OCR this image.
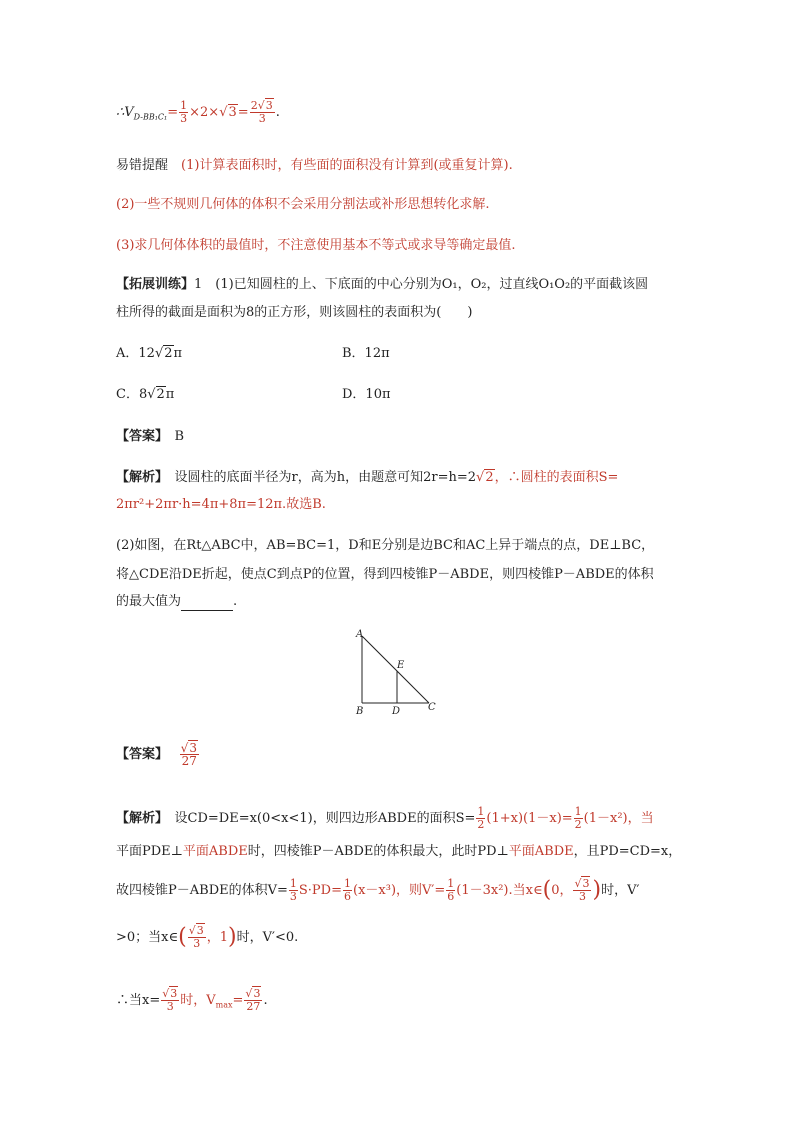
$\therefore V_{D-BB_1C_1}= \frac{1}{3} \times 2\times√3= \frac{2√3}{3}$ .
易错提醒　 (1)计算表面积时，有些面的面积没有计算到(或重复计算).
(2)一些不规则几何体的体积不会采用分割法或补形思想转化求解.
(3)求几何体体积的最值时，不注意使用基本不等式或求导等确定最值.
【拓展训练】1　(1)已知圆柱的上、下底面的中心分别为O₁，O₂，过直线O₁O₂的平面截该圆
柱所得的截面是面积为8的正方形，则该圆柱的表面积为(　　)
A．12√2π	B．12π
C．8√2π	D．10π
【答案】　 B
【解析】　 设圆柱的底面半径为r，高为h，由题意可知2r=h=2√2，∴圆柱的表面积S=
2πr²+2πr·h=4π+8π=12π.故选B.
(2)如图，在Rt△ABC中，AB=BC=1，D和E分别是边BC和AC上异于端点的点，DE⊥BC，
将△CDE沿DE折起，使点C到点P的位置，得到四棱锥P－ABDE，则四棱锥P－ABDE的体积
的最大值为	.
A
E
B	D	C
【答案】　 $\frac{√3}{27}$
【解析】　 设CD=DE=x(0<x<1)，则四边形ABDE的面积$S= \frac{1}{2} (1+x)(1-x)= \frac{1}{2} (1-x^2)$，当
平面PDE⊥平面ABDE时，四棱锥P－ABDE的体积最大，此时PD⊥平面ABDE，且PD=CD=x，
故四棱锥P－ABDE的体积$V= \frac{1}{3} S\cdot PD= \frac{1}{6} (x-x^3)$，则$V'= \frac{1}{6} (1-3x^2)$.当x∈(0， $\frac{√3}{3}$ )时，V′
>0；当x∈( $\frac{√3}{3}$ ，1)时，V′<0.
∴当$x= \frac{√3}{3}$ 时，$V_{max}= \frac{√3}{27}$ .
